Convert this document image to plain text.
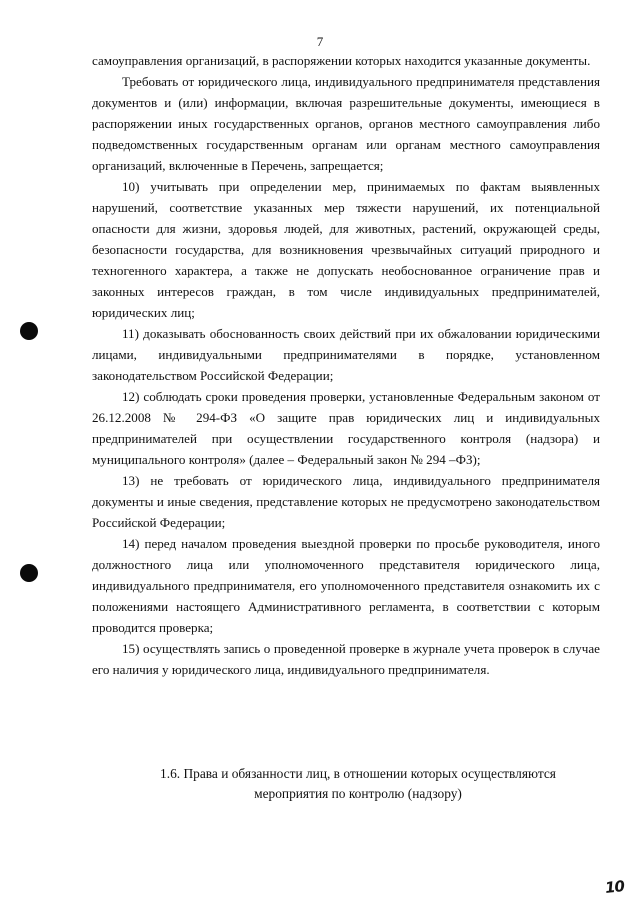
7

самоуправления организаций, в распоряжении которых находится указанные документы.

Требовать от юридического лица, индивидуального предпринимателя представления документов и (или) информации, включая разрешительные документы, имеющиеся в распоряжении иных государственных органов, органов местного самоуправления либо подведомственных государственным органам или органам местного самоуправления организаций, включенные в Перечень, запрещается;

10) учитывать при определении мер, принимаемых по фактам выявленных нарушений, соответствие указанных мер тяжести нарушений, их потенциальной опасности для жизни, здоровья людей, для животных, растений, окружающей среды, безопасности государства, для возникновения чрезвычайных ситуаций природного и техногенного характера, а также не допускать необоснованное ограничение прав и законных интересов граждан, в том числе индивидуальных предпринимателей, юридических лиц;

11) доказывать обоснованность своих действий при их обжаловании юридическими лицами, индивидуальными предпринимателями в порядке, установленном законодательством Российской Федерации;

12) соблюдать сроки проведения проверки, установленные Федеральным законом от 26.12.2008 № 294-ФЗ «О защите прав юридических лиц и индивидуальных предпринимателей при осуществлении государственного контроля (надзора) и муниципального контроля» (далее – Федеральный закон № 294 –ФЗ);

13) не требовать от юридического лица, индивидуального предпринимателя документы и иные сведения, представление которых не предусмотрено законодательством Российской Федерации;

14) перед началом проведения выездной проверки по просьбе руководителя, иного должностного лица или уполномоченного представителя юридического лица, индивидуального предпринимателя, его уполномоченного представителя ознакомить их с положениями настоящего Административного регламента, в соответствии с которым проводится проверка;

15) осуществлять запись о проведенной проверке в журнале учета проверок в случае его наличия у юридического лица, индивидуального предпринимателя.

1.6. Права и обязанности лиц, в отношении которых осуществляются
мероприятия по контролю (надзору)
10
